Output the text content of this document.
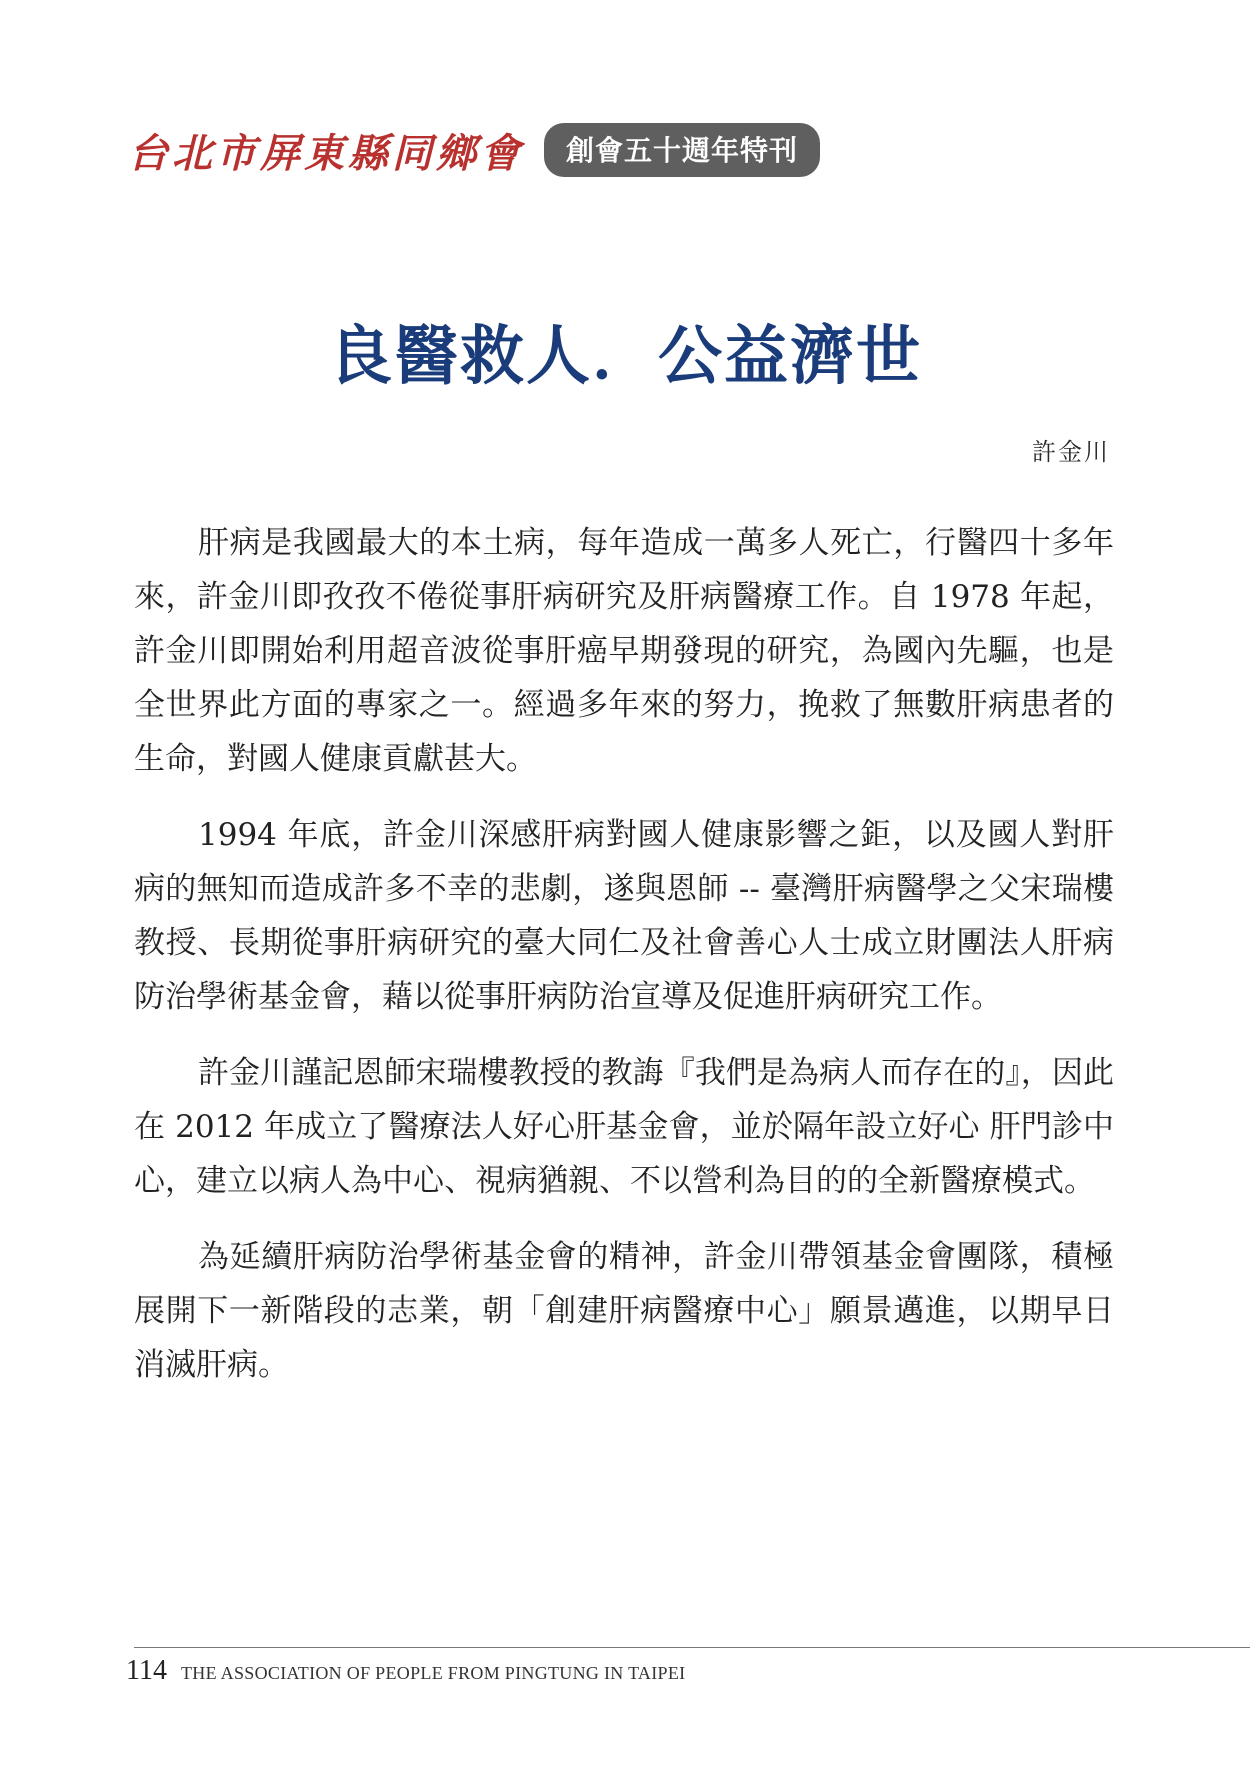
台北市屏東縣同鄉會	創會五十週年特刊
良醫救人．公益濟世
許金川

肝病是我國最大的本土病，每年造成一萬多人死亡，行醫四十多年來，許金川即孜孜不倦從事肝病研究及肝病醫療工作。自 1978 年起，許金川即開始利用超音波從事肝癌早期發現的研究，為國內先驅，也是全世界此方面的專家之一。經過多年來的努力，挽救了無數肝病患者的生命，對國人健康貢獻甚大。

1994 年底，許金川深感肝病對國人健康影響之鉅，以及國人對肝病的無知而造成許多不幸的悲劇，遂與恩師 -- 臺灣肝病醫學之父宋瑞樓教授、長期從事肝病研究的臺大同仁及社會善心人士成立財團法人肝病防治學術基金會，藉以從事肝病防治宣導及促進肝病研究工作。

許金川謹記恩師宋瑞樓教授的教誨『我們是為病人而存在的』，因此在 2012 年成立了醫療法人好心肝基金會，並於隔年設立好心 肝門診中心，建立以病人為中心、視病猶親、不以營利為目的的全新醫療模式。

為延續肝病防治學術基金會的精神，許金川帶領基金會團隊，積極展開下一新階段的志業，朝「創建肝病醫療中心」願景邁進，以期早日消滅肝病。

114 THE ASSOCIATION OF PEOPLE FROM PINGTUNG IN TAIPEI
